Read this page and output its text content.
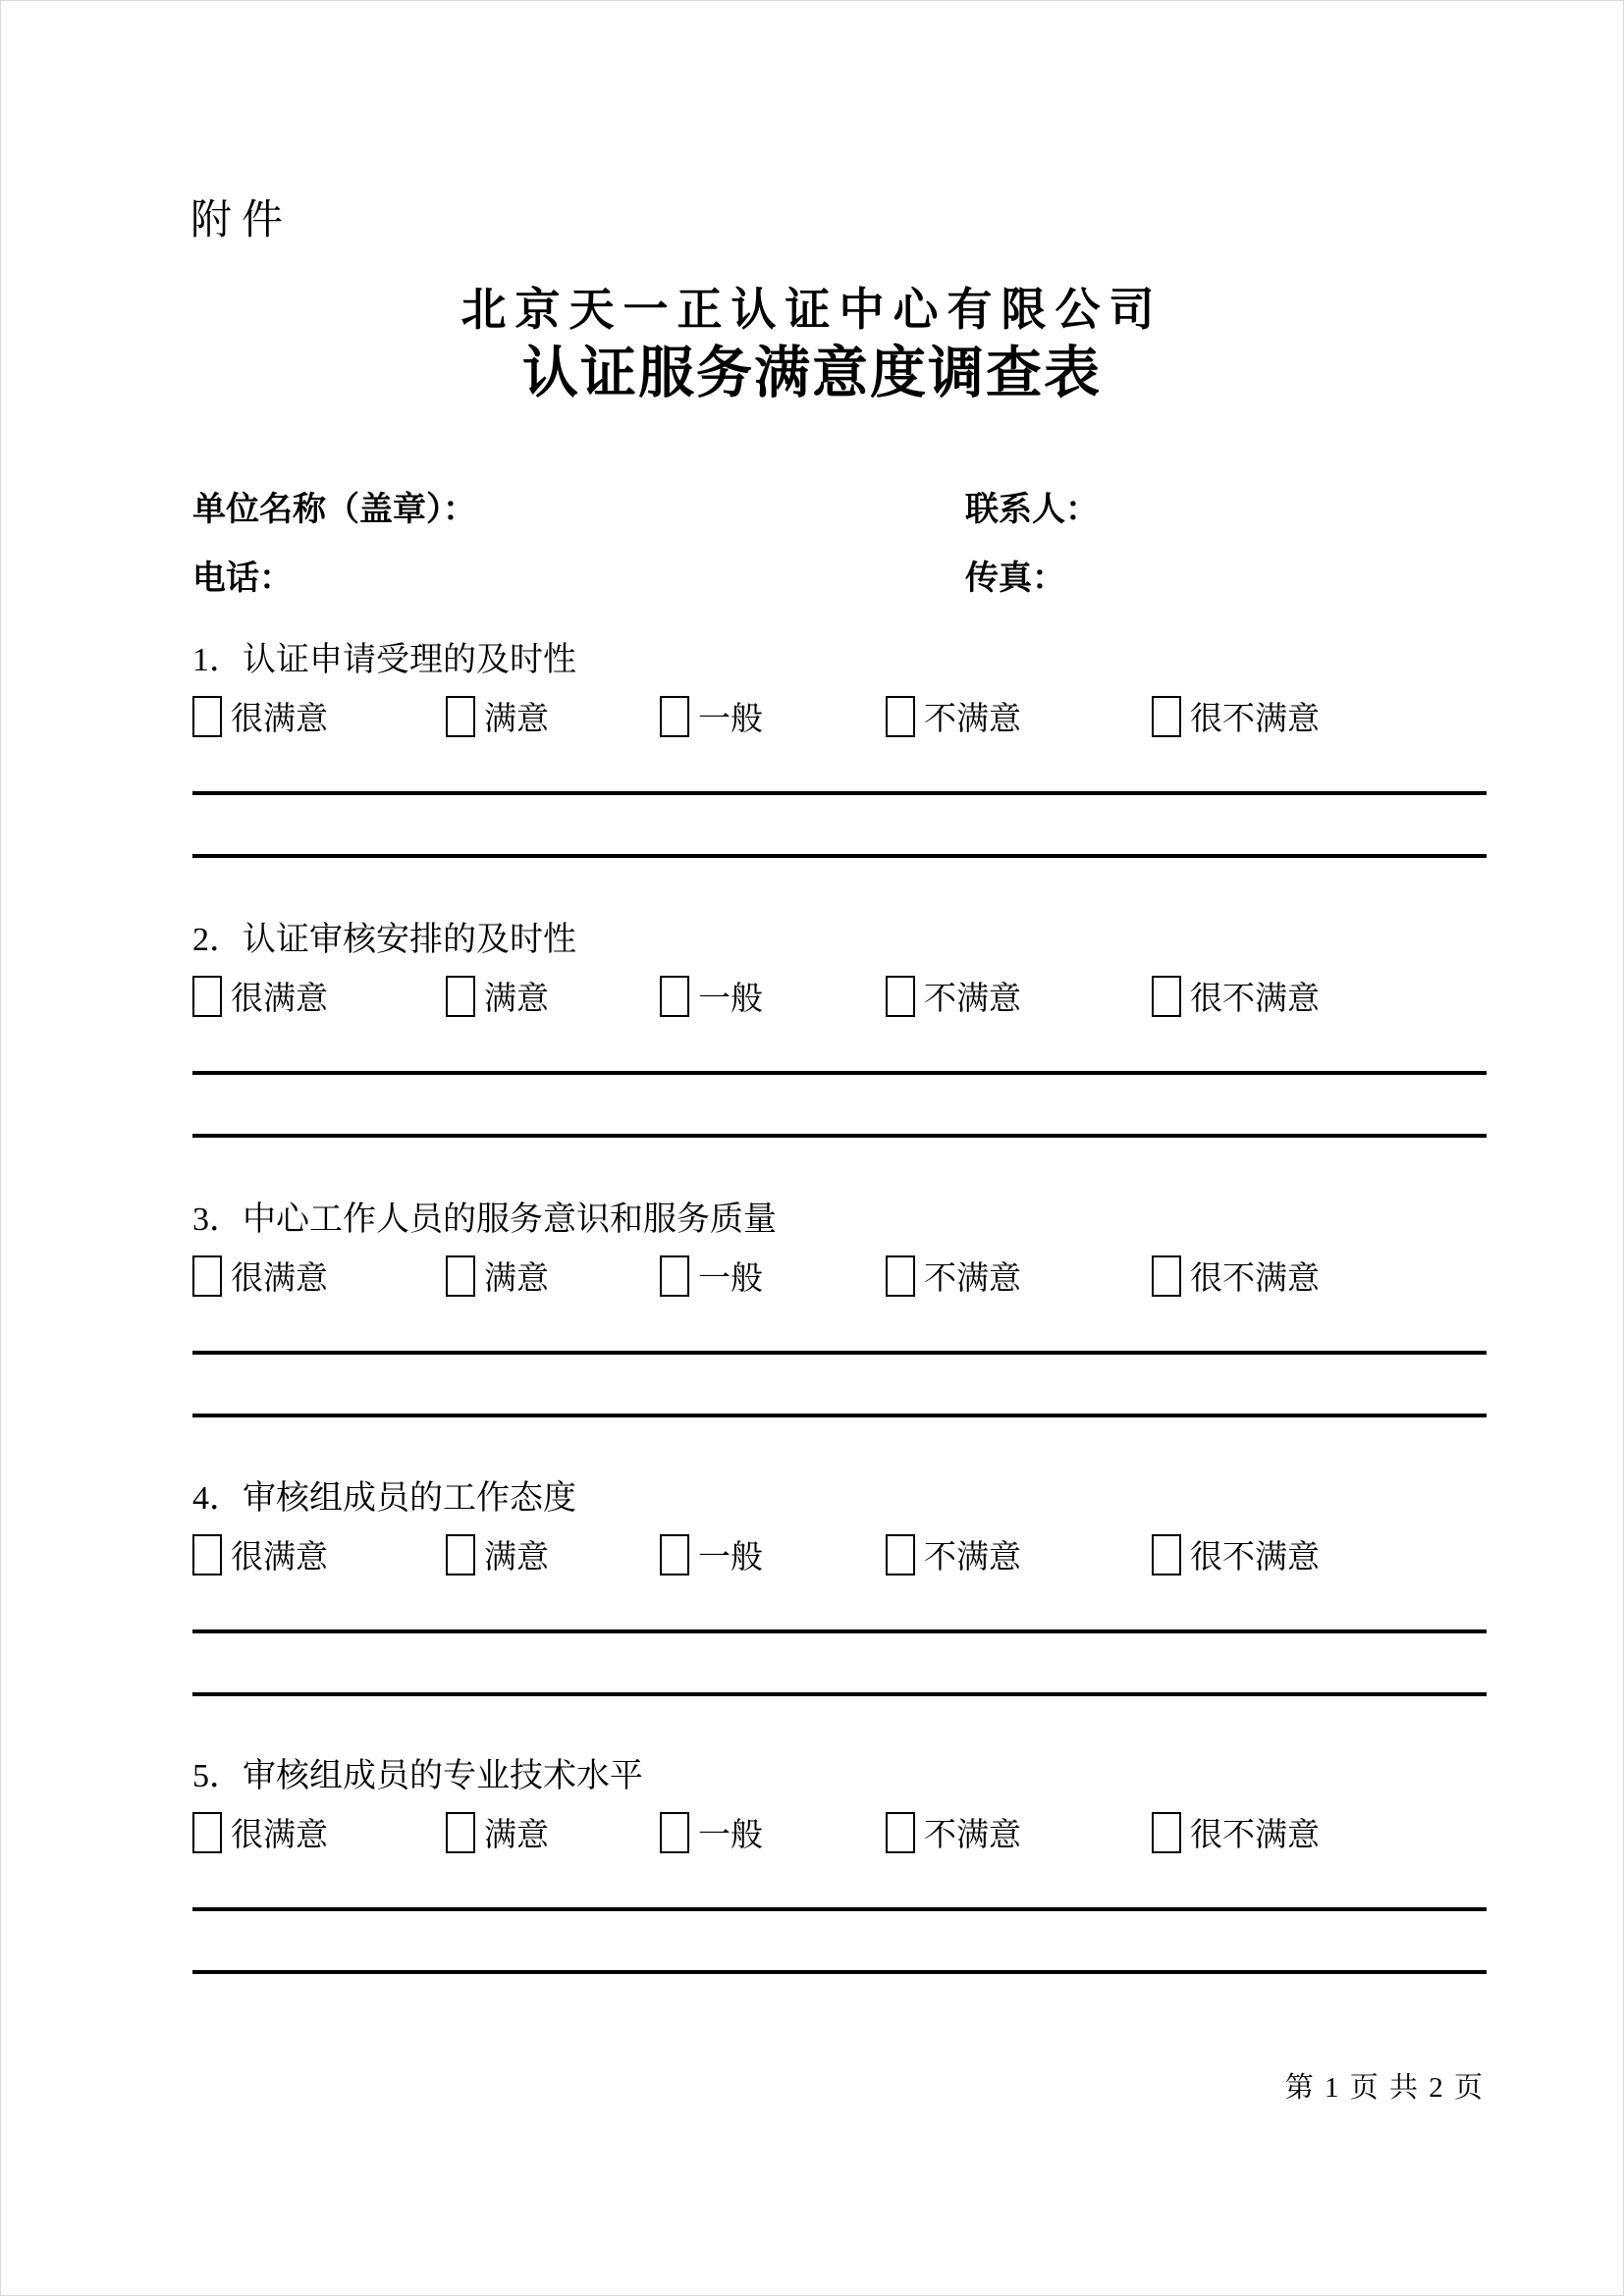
附件
北京天一正认证中心有限公司
认证服务满意度调查表
单位名称（盖章）：	联系人：
电话：	传真：
1．认证申请受理的及时性
很满意	满意	一般	不满意	很不满意
2．认证审核安排的及时性
很满意	满意	一般	不满意	很不满意
3．中心工作人员的服务意识和服务质量
很满意	满意	一般	不满意	很不满意
4．审核组成员的工作态度
很满意	满意	一般	不满意	很不满意
5．审核组成员的专业技术水平
很满意	满意	一般	不满意	很不满意
第 1 页 共 2 页
